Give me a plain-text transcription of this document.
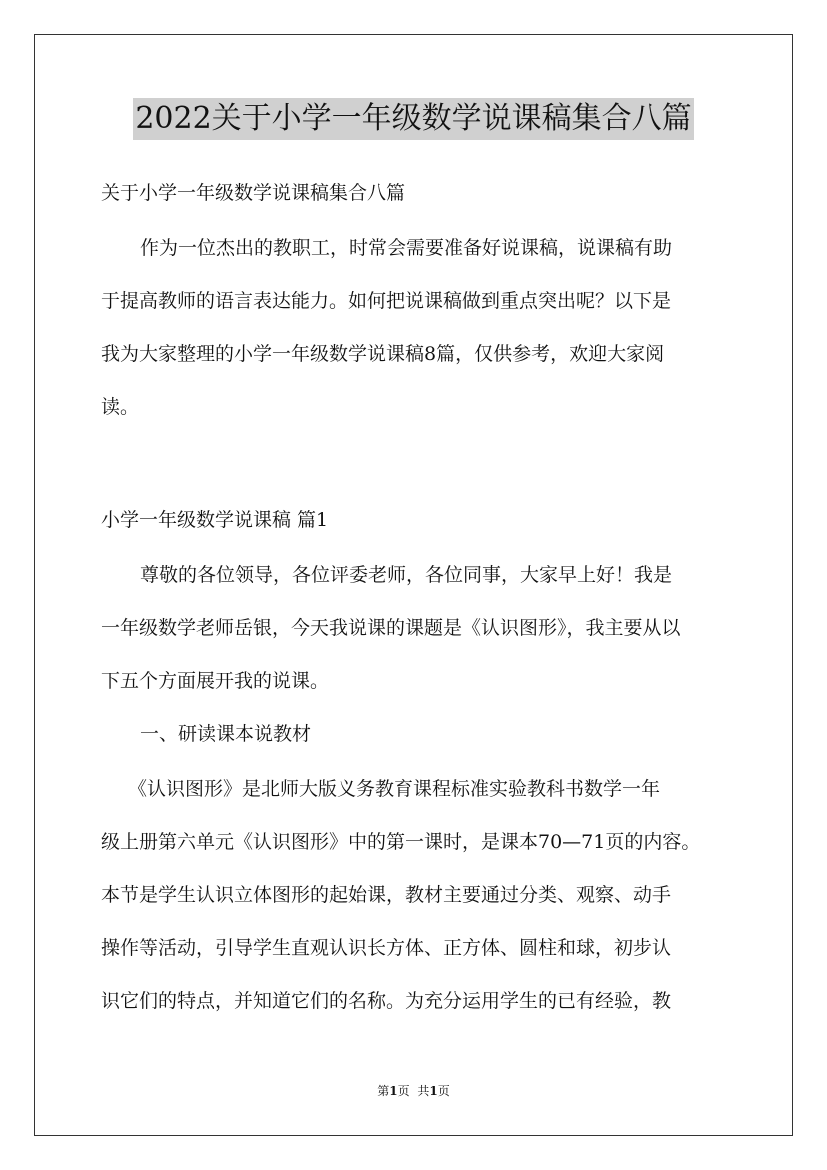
2022关于小学一年级数学说课稿集合八篇
关于小学一年级数学说课稿集合八篇
作为一位杰出的教职工，时常会需要准备好说课稿，说课稿有助
于提高教师的语言表达能力。如何把说课稿做到重点突出呢？以下是
我为大家整理的小学一年级数学说课稿8篇，仅供参考，欢迎大家阅
读。
小学一年级数学说课稿 篇1
尊敬的各位领导，各位评委老师，各位同事，大家早上好！我是
一年级数学老师岳银，今天我说课的课题是《认识图形》，我主要从以
下五个方面展开我的说课。
一、研读课本说教材
《认识图形》是北师大版义务教育课程标准实验教科书数学一年
级上册第六单元《认识图形》中的第一课时，是课本70—71页的内容。
本节是学生认识立体图形的起始课，教材主要通过分类、观察、动手
操作等活动，引导学生直观认识长方体、正方体、圆柱和球，初步认
识它们的特点，并知道它们的名称。为充分运用学生的已有经验，教
第1页 共1页
